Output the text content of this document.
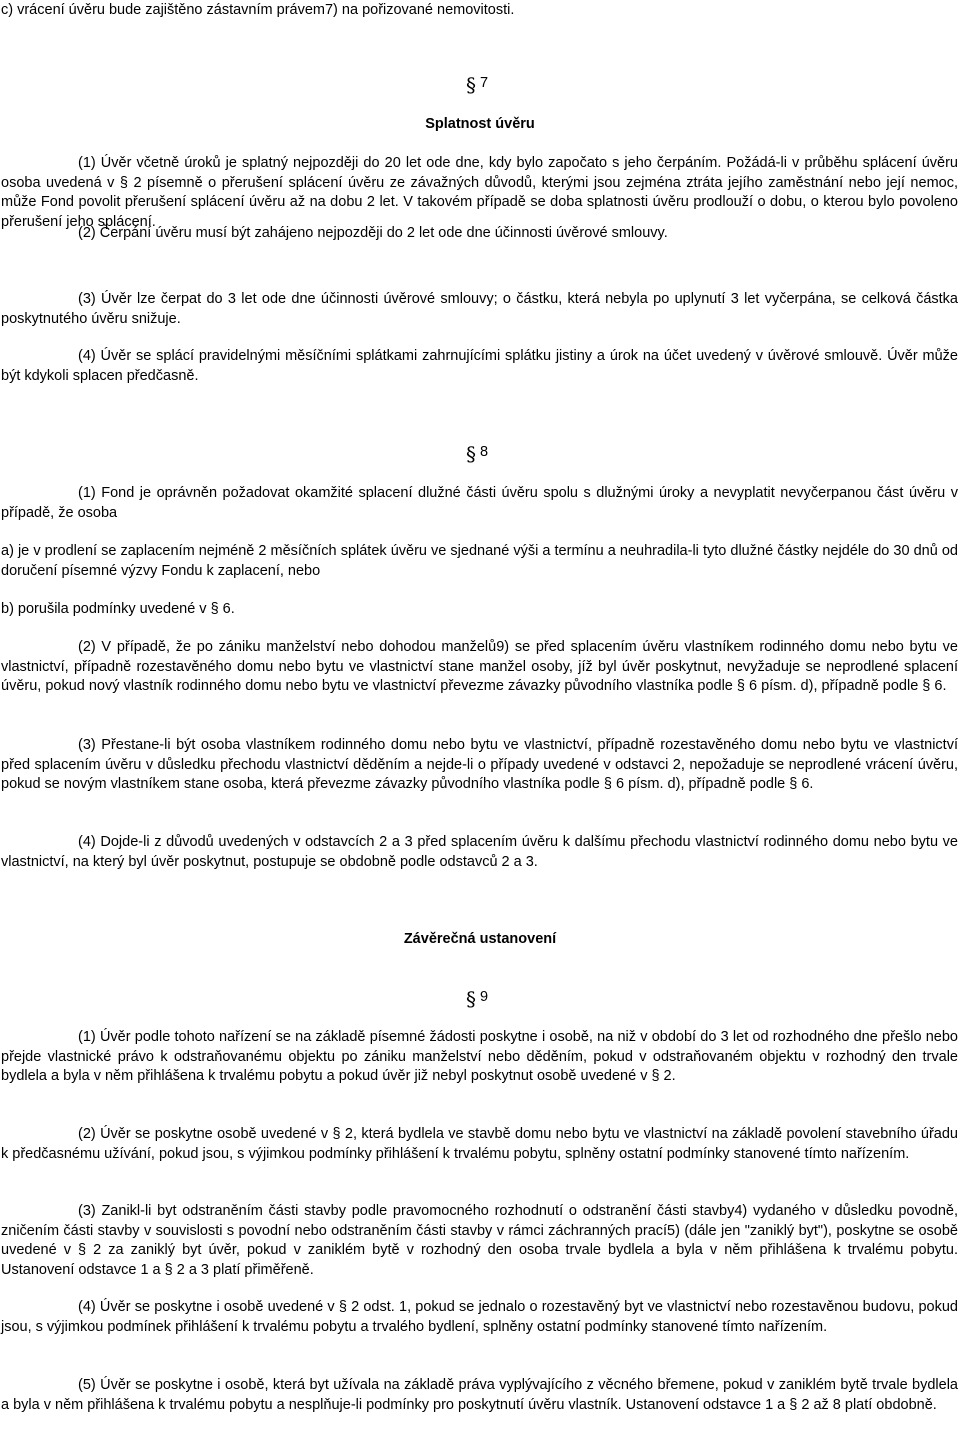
c) vrácení úvěru bude zajištěno zástavním právem7) na pořizované nemovitosti.

§ 7

Splatnost úvěru

(1) Úvěr včetně úroků je splatný nejpozději do 20 let ode dne, kdy bylo započato s jeho čerpáním. Požádá-li v průběhu splácení úvěru osoba uvedená v § 2 písemně o přerušení splácení úvěru ze závažných důvodů, kterými jsou zejména ztráta jejího zaměstnání nebo její nemoc, může Fond povolit přerušení splácení úvěru až na dobu 2 let. V takovém případě se doba splatnosti úvěru prodlouží o dobu, o kterou bylo povoleno přerušení jeho splácení.

(2) Čerpání úvěru musí být zahájeno nejpozději do 2 let ode dne účinnosti úvěrové smlouvy.

(3) Úvěr lze čerpat do 3 let ode dne účinnosti úvěrové smlouvy; o částku, která nebyla po uplynutí 3 let vyčerpána, se celková částka poskytnutého úvěru snižuje.

(4) Úvěr se splácí pravidelnými měsíčními splátkami zahrnujícími splátku jistiny a úrok na účet uvedený v úvěrové smlouvě. Úvěr může být kdykoli splacen předčasně.

§ 8

(1) Fond je oprávněn požadovat okamžité splacení dlužné části úvěru spolu s dlužnými úroky a nevyplatit nevyčerpanou část úvěru v případě, že osoba

a) je v prodlení se zaplacením nejméně 2 měsíčních splátek úvěru ve sjednané výši a termínu a neuhradila-li tyto dlužné částky nejdéle do 30 dnů od doručení písemné výzvy Fondu k zaplacení, nebo

b) porušila podmínky uvedené v § 6.

(2) V případě, že po zániku manželství nebo dohodou manželů9) se před splacením úvěru vlastníkem rodinného domu nebo bytu ve vlastnictví, případně rozestavěného domu nebo bytu ve vlastnictví stane manžel osoby, jíž byl úvěr poskytnut, nevyžaduje se neprodlené splacení úvěru, pokud nový vlastník rodinného domu nebo bytu ve vlastnictví převezme závazky původního vlastníka podle § 6 písm. d), případně podle § 6.

(3) Přestane-li být osoba vlastníkem rodinného domu nebo bytu ve vlastnictví, případně rozestavěného domu nebo bytu ve vlastnictví před splacením úvěru v důsledku přechodu vlastnictví děděním a nejde-li o případy uvedené v odstavci 2, nepožaduje se neprodlené vrácení úvěru, pokud se novým vlastníkem stane osoba, která převezme závazky původního vlastníka podle § 6 písm. d), případně podle § 6.

(4) Dojde-li z důvodů uvedených v odstavcích 2 a 3 před splacením úvěru k dalšímu přechodu vlastnictví rodinného domu nebo bytu ve vlastnictví, na který byl úvěr poskytnut, postupuje se obdobně podle odstavců 2 a 3.

Závěrečná ustanovení

§ 9

(1) Úvěr podle tohoto nařízení se na základě písemné žádosti poskytne i osobě, na niž v období do 3 let od rozhodného dne přešlo nebo přejde vlastnické právo k odstraňovanému objektu po zániku manželství nebo děděním, pokud v odstraňovaném objektu v rozhodný den trvale bydlela a byla v něm přihlášena k trvalému pobytu a pokud úvěr již nebyl poskytnut osobě uvedené v § 2.

(2) Úvěr se poskytne osobě uvedené v § 2, která bydlela ve stavbě domu nebo bytu ve vlastnictví na základě povolení stavebního úřadu k předčasnému užívání, pokud jsou, s výjimkou podmínky přihlášení k trvalému pobytu, splněny ostatní podmínky stanovené tímto nařízením.

(3) Zanikl-li byt odstraněním části stavby podle pravomocného rozhodnutí o odstranění části stavby4) vydaného v důsledku povodně, zničením části stavby v souvislosti s povodní nebo odstraněním části stavby v rámci záchranných prací5) (dále jen "zaniklý byt"), poskytne se osobě uvedené v § 2 za zaniklý byt úvěr, pokud v zaniklém bytě v rozhodný den osoba trvale bydlela a byla v něm přihlášena k trvalému pobytu. Ustanovení odstavce 1 a § 2 a 3 platí přiměřeně.

(4) Úvěr se poskytne i osobě uvedené v § 2 odst. 1, pokud se jednalo o rozestavěný byt ve vlastnictví nebo rozestavěnou budovu, pokud jsou, s výjimkou podmínek přihlášení k trvalému pobytu a trvalého bydlení, splněny ostatní podmínky stanovené tímto nařízením.

(5) Úvěr se poskytne i osobě, která byt užívala na základě práva vyplývajícího z věcného břemene, pokud v zaniklém bytě trvale bydlela a byla v něm přihlášena k trvalému pobytu a nesplňuje-li podmínky pro poskytnutí úvěru vlastník. Ustanovení odstavce 1 a § 2 až 8 platí obdobně.
